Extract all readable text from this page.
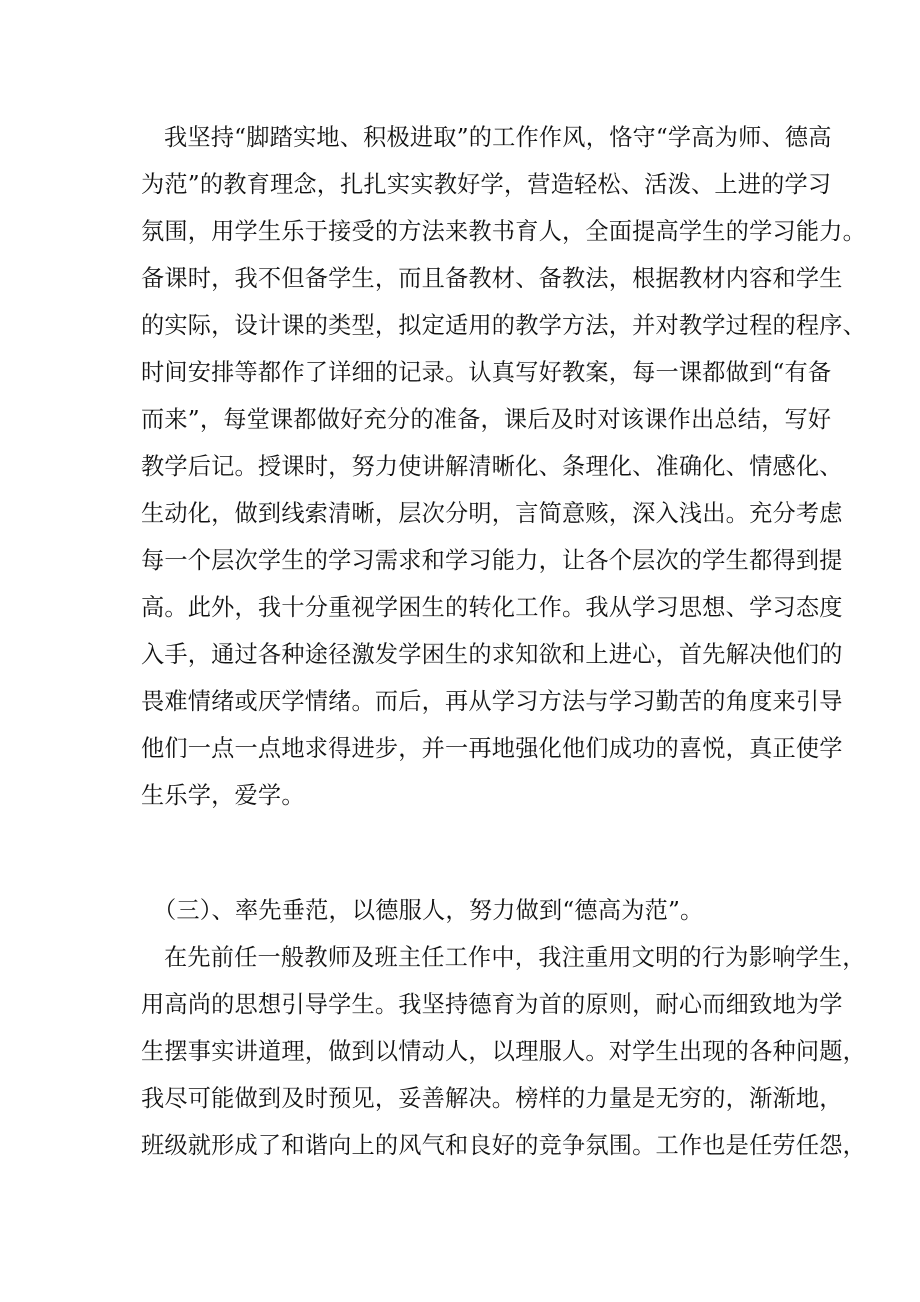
我坚持“脚踏实地、积极进取”的工作作风，恪守“学高为师、德高
为范”的教育理念，扎扎实实教好学，营造轻松、活泼、上进的学习
氛围，用学生乐于接受的方法来教书育人，全面提高学生的学习能力。
备课时，我不但备学生，而且备教材、备教法，根据教材内容和学生
的实际，设计课的类型，拟定适用的教学方法，并对教学过程的程序、
时间安排等都作了详细的记录。认真写好教案，每一课都做到“有备
而来”，每堂课都做好充分的准备，课后及时对该课作出总结，写好
教学后记。授课时，努力使讲解清晰化、条理化、准确化、情感化、
生动化，做到线索清晰，层次分明，言简意赅，深入浅出。充分考虑
每一个层次学生的学习需求和学习能力，让各个层次的学生都得到提
高。此外，我十分重视学困生的转化工作。我从学习思想、学习态度
入手，通过各种途径激发学困生的求知欲和上进心，首先解决他们的
畏难情绪或厌学情绪。而后，再从学习方法与学习勤苦的角度来引导
他们一点一点地求得进步，并一再地强化他们成功的喜悦，真正使学
生乐学，爱学。
（三）、率先垂范，以德服人，努力做到“德高为范”。
在先前任一般教师及班主任工作中，我注重用文明的行为影响学生，
用高尚的思想引导学生。我坚持德育为首的原则，耐心而细致地为学
生摆事实讲道理，做到以情动人，以理服人。对学生出现的各种问题，
我尽可能做到及时预见，妥善解决。榜样的力量是无穷的，渐渐地，
班级就形成了和谐向上的风气和良好的竞争氛围。工作也是任劳任怨，
